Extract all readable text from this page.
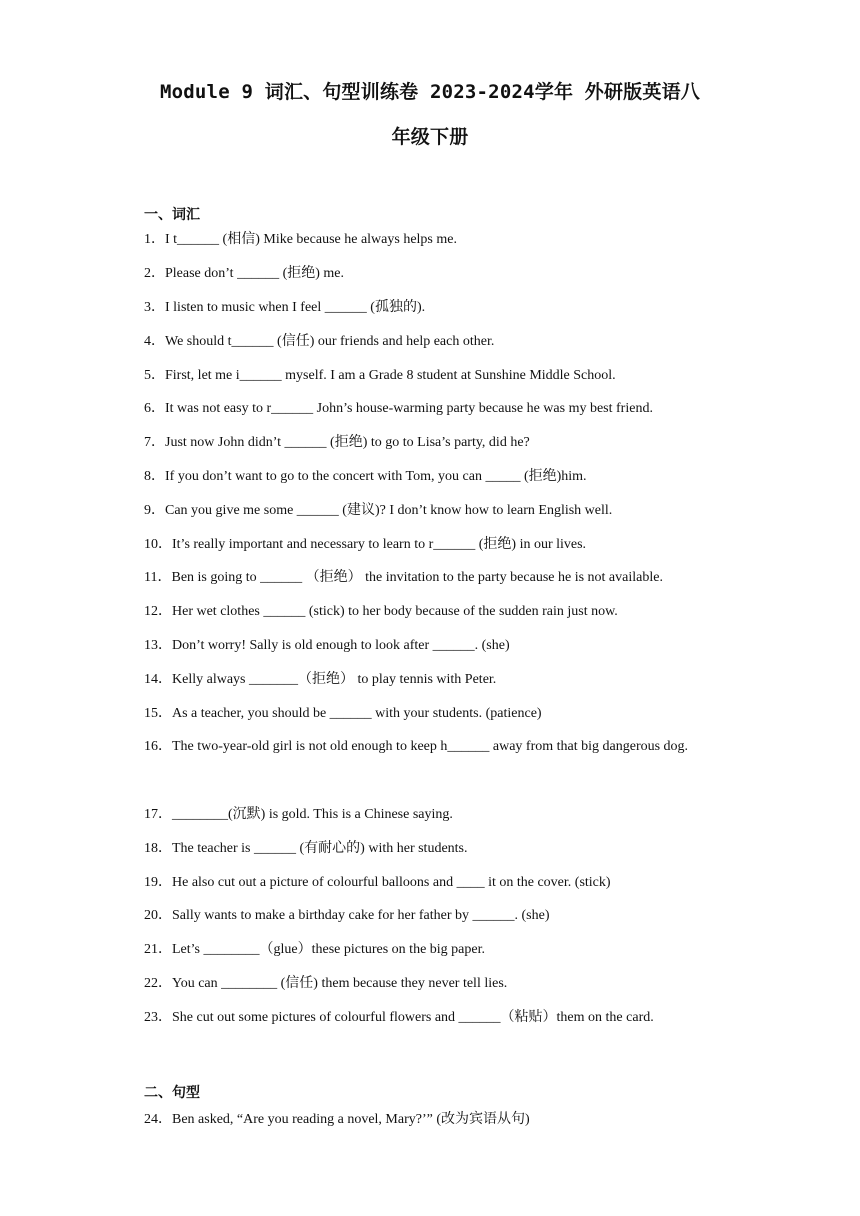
Module 9 词汇、句型训练卷 2023-2024学年 外研版英语八
年级下册
一、词汇

1．I t______ (相信) Mike because he always helps me.

2．Please don’t ______ (拒绝) me.

3．I listen to music when I feel ______ (孤独的).

4．We should t______ (信任) our friends and help each other.

5．First, let me i______ myself. I am a Grade 8 student at Sunshine Middle School.

6．It was not easy to r______ John’s house-warming party because he was my best friend.

7．Just now John didn’t ______ (拒绝) to go to Lisa’s party, did he?

8．If you don’t want to go to the concert with Tom, you can _____ (拒绝)him.

9．Can you give me some ______ (建议)? I don’t know how to learn English well.

10．It’s really important and necessary to learn to r______ (拒绝) in our lives.

11．Ben is going to ______ （拒绝） the invitation to the party because he is not available.

12．Her wet clothes ______ (stick) to her body because of the sudden rain just now.

13．Don’t worry! Sally is old enough to look after ______. (she)

14．Kelly always _______（拒绝） to play tennis with Peter.

15．As a teacher, you should be ______ with your students. (patience)

16．The two-year-old girl is not old enough to keep h______ away from that big dangerous dog.

17．________(沉默) is gold. This is a Chinese saying.

18．The teacher is ______ (有耐心的) with her students.

19．He also cut out a picture of colourful balloons and ____ it on the cover. (stick)

20．Sally wants to make a birthday cake for her father by ______. (she)

21．Let’s ________（glue）these pictures on the big paper.

22．You can ________ (信任) them because they never tell lies.

23．She cut out some pictures of colourful flowers and ______（粘贴）them on the card.

二、句型

24．Ben asked, “Are you reading a novel, Mary?’” (改为宾语从句)
